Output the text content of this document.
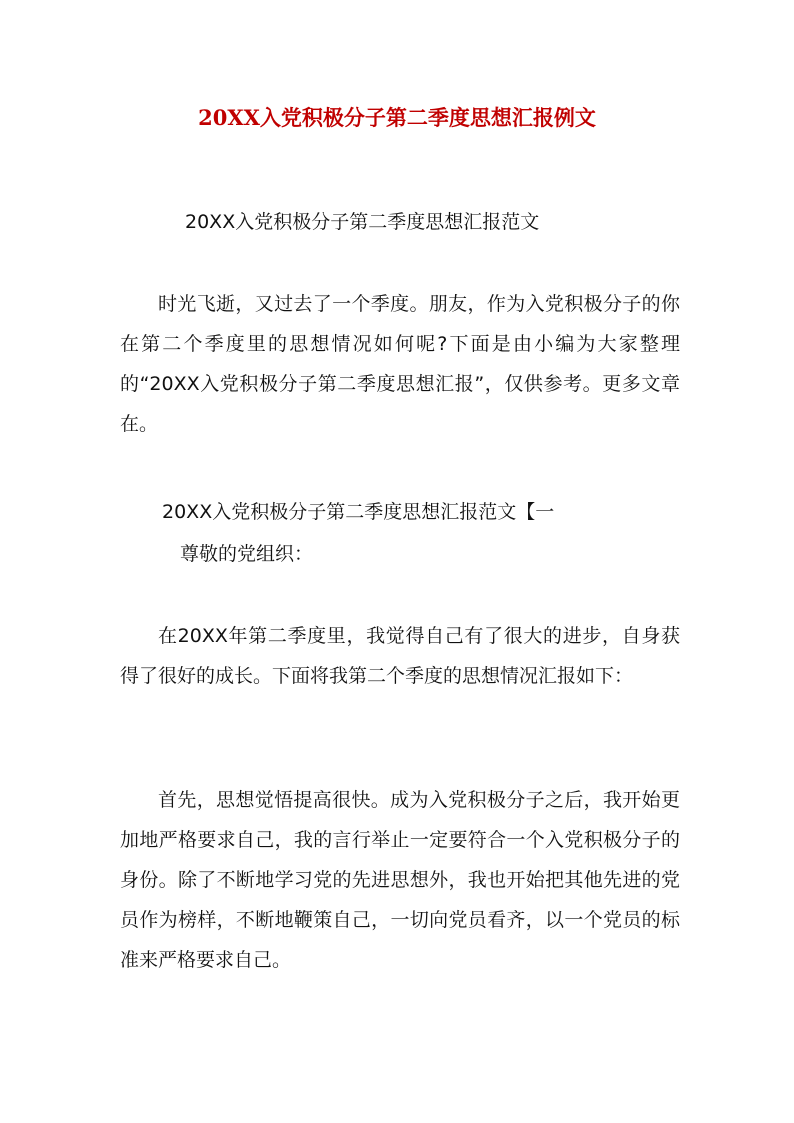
20XX入党积极分子第二季度思想汇报例文

20XX入党积极分子第二季度思想汇报范文

时光飞逝，又过去了一个季度。朋友，作为入党积极分子的你在第二个季度里的思想情况如何呢?下面是由小编为大家整理的“20XX入党积极分子第二季度思想汇报”，仅供参考。更多文章在。

20XX入党积极分子第二季度思想汇报范文【一

尊敬的党组织：

在20XX年第二季度里，我觉得自己有了很大的进步，自身获得了很好的成长。下面将我第二个季度的思想情况汇报如下：

首先，思想觉悟提高很快。成为入党积极分子之后，我开始更加地严格要求自己，我的言行举止一定要符合一个入党积极分子的身份。除了不断地学习党的先进思想外，我也开始把其他先进的党员作为榜样，不断地鞭策自己，一切向党员看齐，以一个党员的标准来严格要求自己。
